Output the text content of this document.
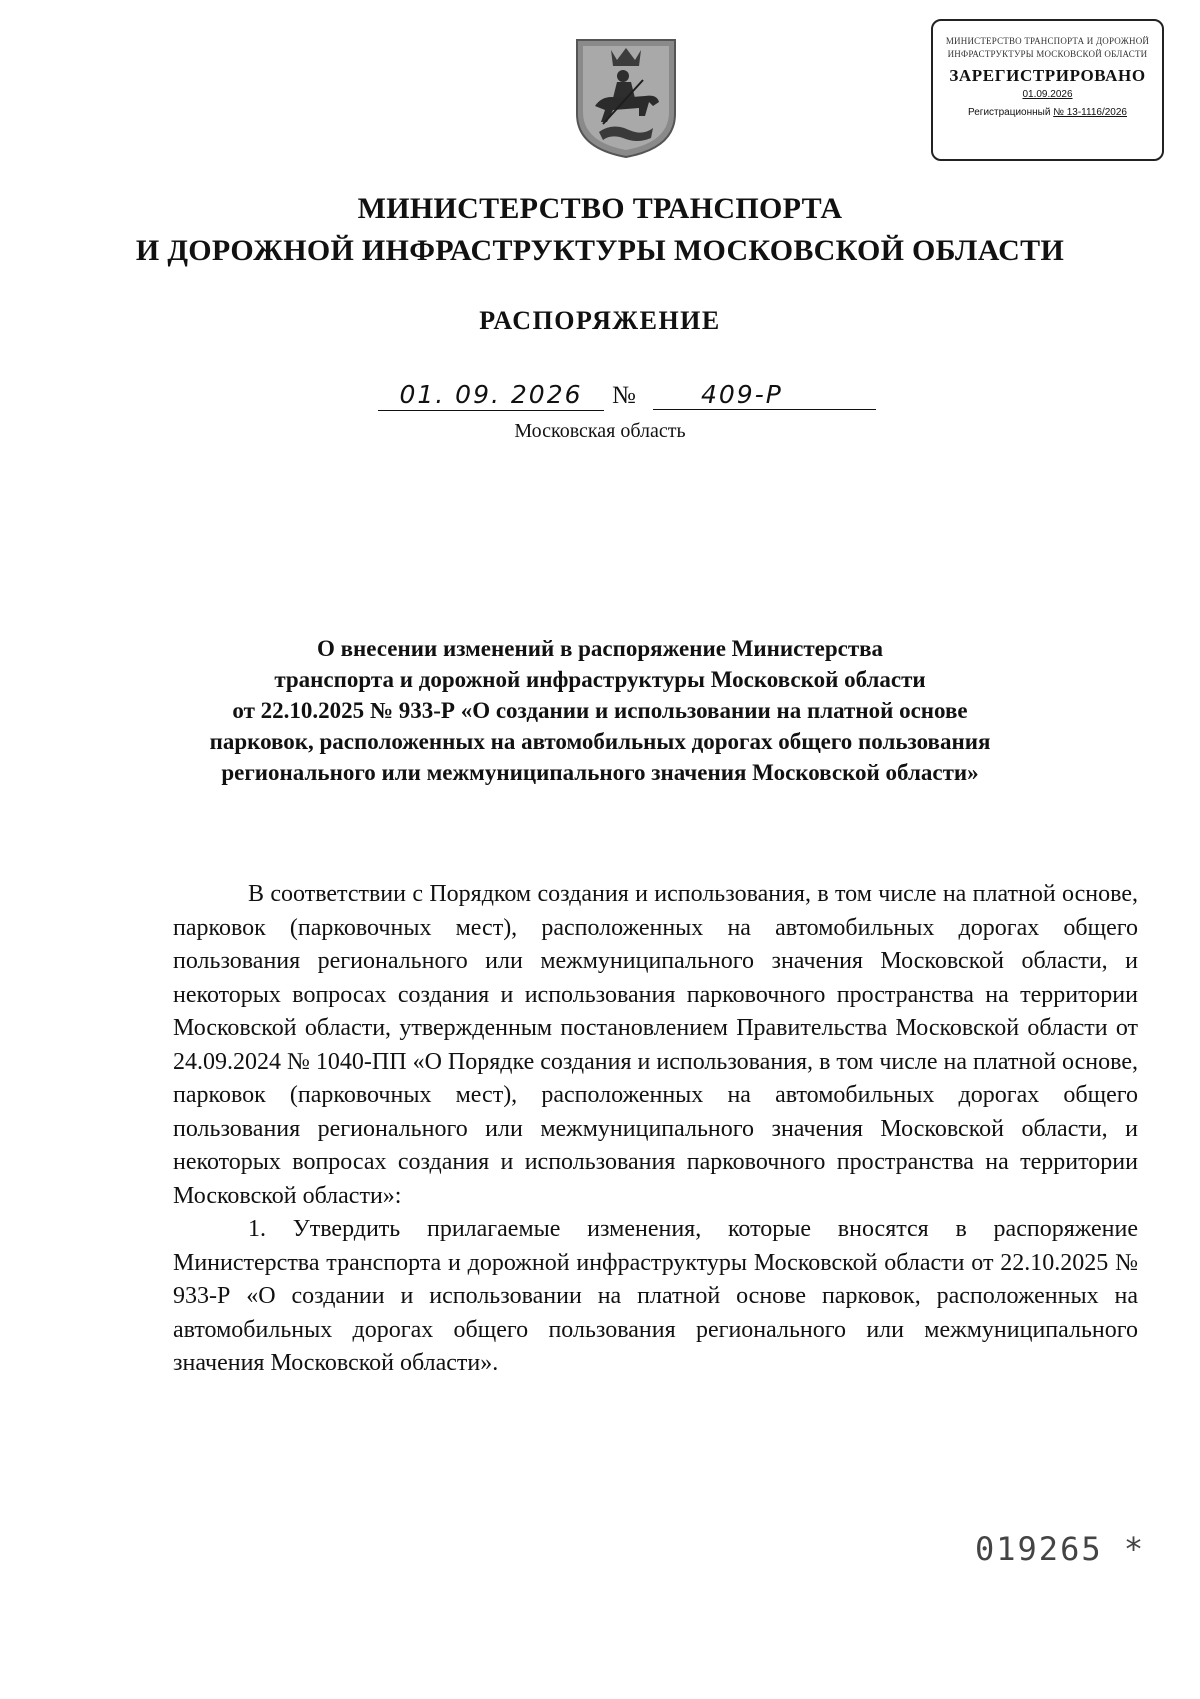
МИНИСТЕРСТВО ТРАНСПОРТА И ДОРОЖНОЙ ИНФРАСТРУКТУРЫ МОСКОВСКОЙ ОБЛАСТИ
ЗАРЕГИСТРИРОВАНО
01.09.2026
Регистрационный № 13-1116/2026
МИНИСТЕРСТВО ТРАНСПОРТА
И ДОРОЖНОЙ ИНФРАСТРУКТУРЫ МОСКОВСКОЙ ОБЛАСТИ
РАСПОРЯЖЕНИЕ
01. 09. 2026	№	409-Р
Московская область
О внесении изменений в распоряжение Министерства
транспорта и дорожной инфраструктуры Московской области
от 22.10.2025 № 933-Р «О создании и использовании на платной основе
парковок, расположенных на автомобильных дорогах общего пользования
регионального или межмуниципального значения Московской области»

В соответствии с Порядком создания и использования, в том числе на платной основе, парковок (парковочных мест), расположенных на автомобильных дорогах общего пользования регионального или межмуниципального значения Московской области, и некоторых вопросах создания и использования парковочного пространства на территории Московской области, утвержденным постановлением Правительства Московской области от 24.09.2024 № 1040-ПП «О Порядке создания и использования, в том числе на платной основе, парковок (парковочных мест), расположенных на автомобильных дорогах общего пользования регионального или межмуниципального значения Московской области, и некоторых вопросах создания и использования парковочного пространства на территории Московской области»:

1. Утвердить прилагаемые изменения, которые вносятся в распоряжение Министерства транспорта и дорожной инфраструктуры Московской области от 22.10.2025 № 933-Р «О создании и использовании на платной основе парковок, расположенных на автомобильных дорогах общего пользования регионального или межмуниципального значения Московской области».

019265 *
